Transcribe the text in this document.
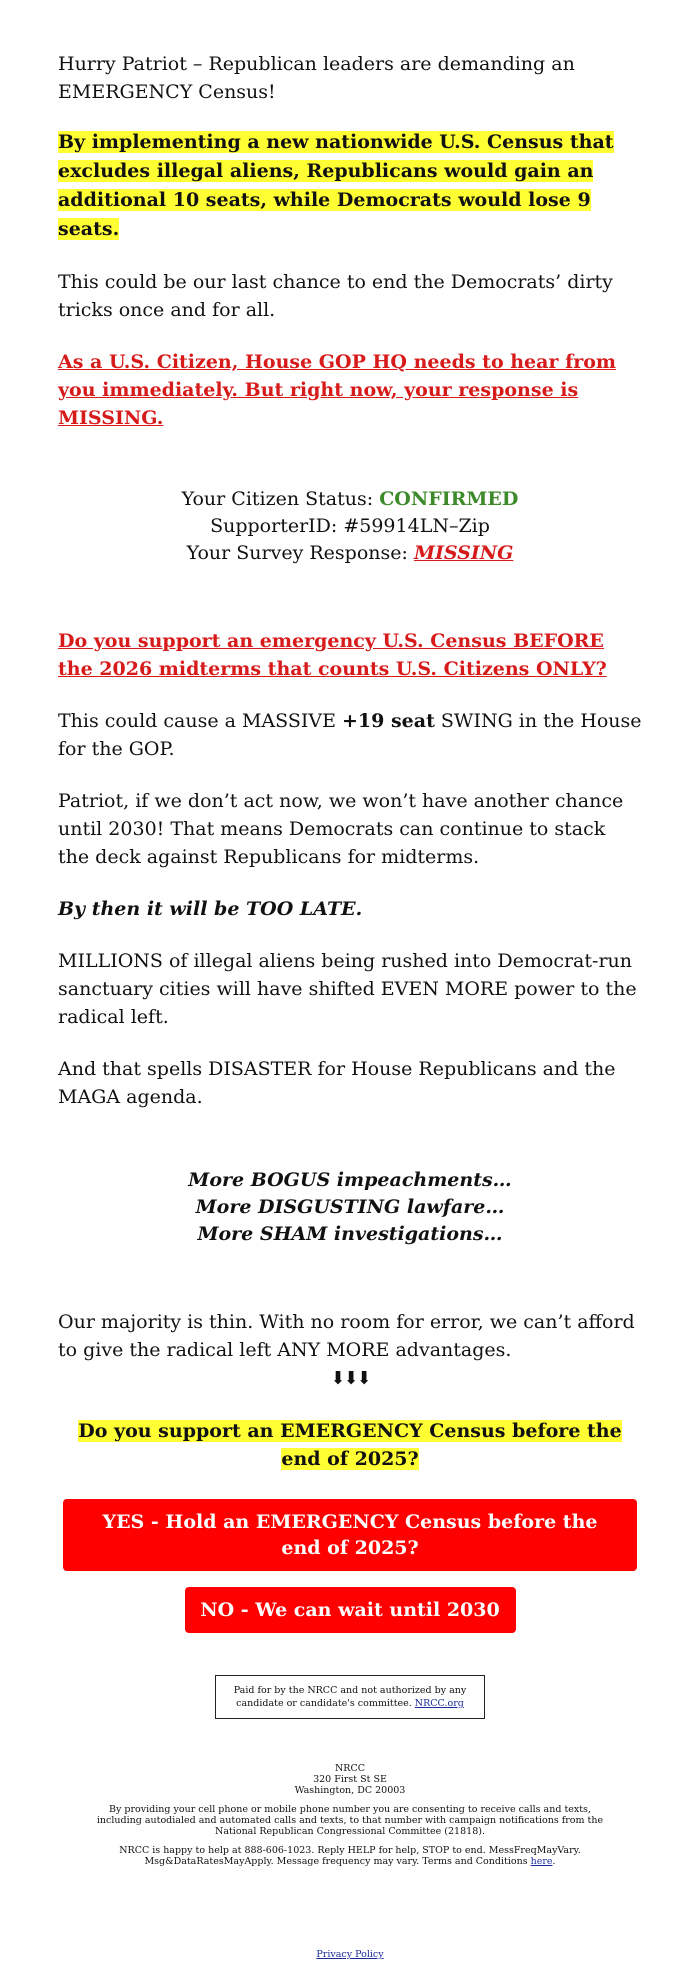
Hurry Patriot – Republican leaders are demanding an EMERGENCY Census!

By implementing a new nationwide U.S. Census that excludes illegal aliens, Republicans would gain an additional 10 seats, while Democrats would lose 9 seats.

This could be our last chance to end the Democrats’ dirty tricks once and for all.

As a U.S. Citizen, House GOP HQ needs to hear from you immediately. But right now, your response is MISSING.

Your Citizen Status: CONFIRMED
SupporterID: #59914LN–Zip
Your Survey Response: MISSING

Do you support an emergency U.S. Census BEFORE the 2026 midterms that counts U.S. Citizens ONLY?

This could cause a MASSIVE +19 seat SWING in the House for the GOP.

Patriot, if we don’t act now, we won’t have another chance until 2030! That means Democrats can continue to stack the deck against Republicans for midterms.

By then it will be TOO LATE.

MILLIONS of illegal aliens being rushed into Democrat-run sanctuary cities will have shifted EVEN MORE power to the radical left.

And that spells DISASTER for House Republicans and the MAGA agenda.

More BOGUS impeachments…
More DISGUSTING lawfare…
More SHAM investigations…

Our majority is thin. With no room for error, we can’t afford to give the radical left ANY MORE advantages.

⬇⬇⬇
Do you support an EMERGENCY Census before the end of 2025?
YES - Hold an EMERGENCY Census before the end of 2025?
NO - We can wait until 2030
Paid for by the NRCC and not authorized by any candidate or candidate's committee. NRCC.org
NRCC
320 First St SE
Washington, DC 20003
By providing your cell phone or mobile phone number you are consenting to receive calls and texts, including autodialed and automated calls and texts, to that number with campaign notifications from the National Republican Congressional Committee (21818).
NRCC is happy to help at 888-606-1023. Reply HELP for help, STOP to end. MessFreqMayVary. Msg&DataRatesMayApply. Message frequency may vary. Terms and Conditions here.
Privacy Policy
